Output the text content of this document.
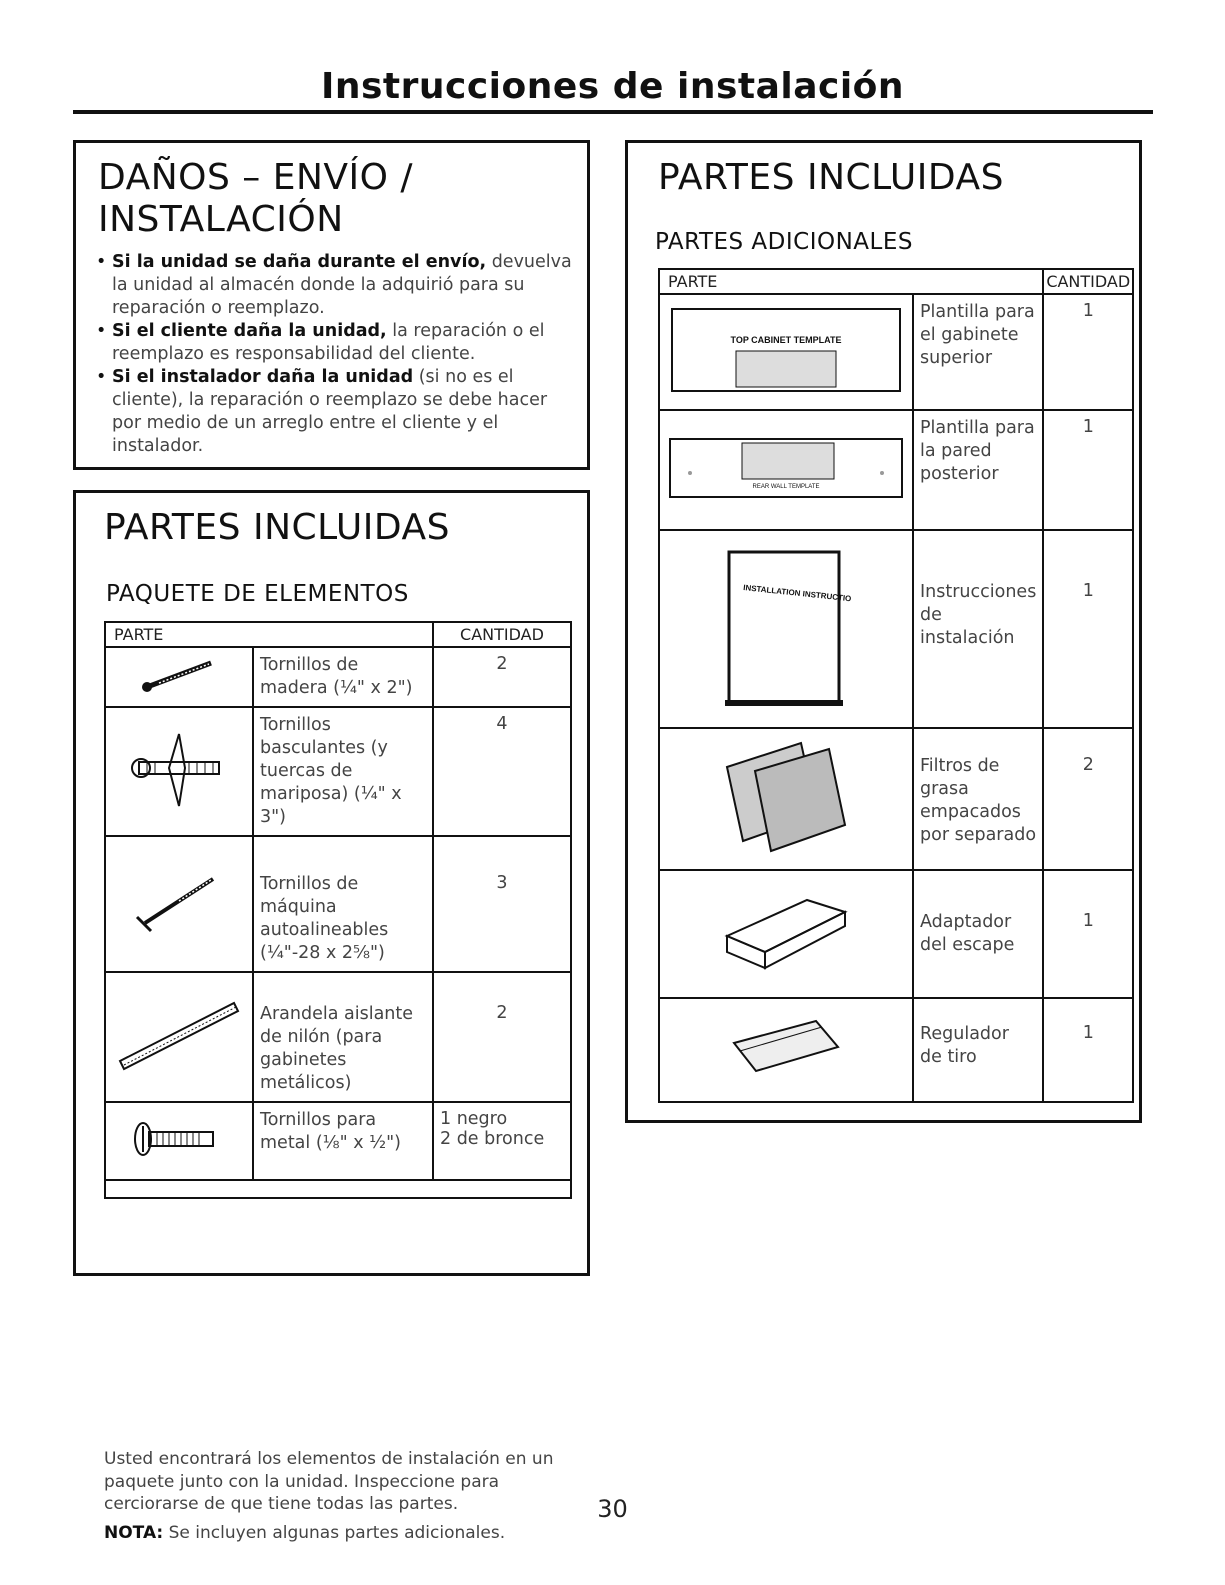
Instrucciones de instalación
DAÑOS – ENVÍO / INSTALACIÓN
• Si la unidad se daña durante el envío, devuelva la unidad al almacén donde la adquirió para su reparación o reemplazo.
• Si el cliente daña la unidad, la reparación o el reemplazo es responsabilidad del cliente.
• Si el instalador daña la unidad (si no es el cliente), la reparación o reemplazo se debe hacer por medio de un arreglo entre el cliente y el instalador.
PARTES INCLUIDAS
PAQUETE DE ELEMENTOS
PARTE		CANTIDAD
	Tornillos de madera (¼" x 2")	2
	Tornillos basculantes (y tuercas de mariposa) (¼" x 3")	4
	Tornillos de máquina autoalineables (¼"-28 x 2⅝")	3
	Arandela aislante de nilón (para gabinetes metálicos)	2
	Tornillos para metal (⅛" x ½")	1 negro
2 de bronce

Usted encontrará los elementos de instalación en un paquete junto con la unidad. Inspeccione para cerciorarse de que tiene todas las partes.
NOTA: Se incluyen algunas partes adicionales.
PARTES INCLUIDAS
PARTES ADICIONALES
PARTE		CANTIDAD

TOP CABINET TEMPLATE	Plantilla para el gabinete superior	1

REAR WALL TEMPLATE	Plantilla para la pared posterior	1

INSTALLATION INSTRUCTIONS	Instrucciones de instalación	1
	Filtros de grasa empacados por separado	2
	Adaptador del escape	1
	Regulador de tiro	1
30
